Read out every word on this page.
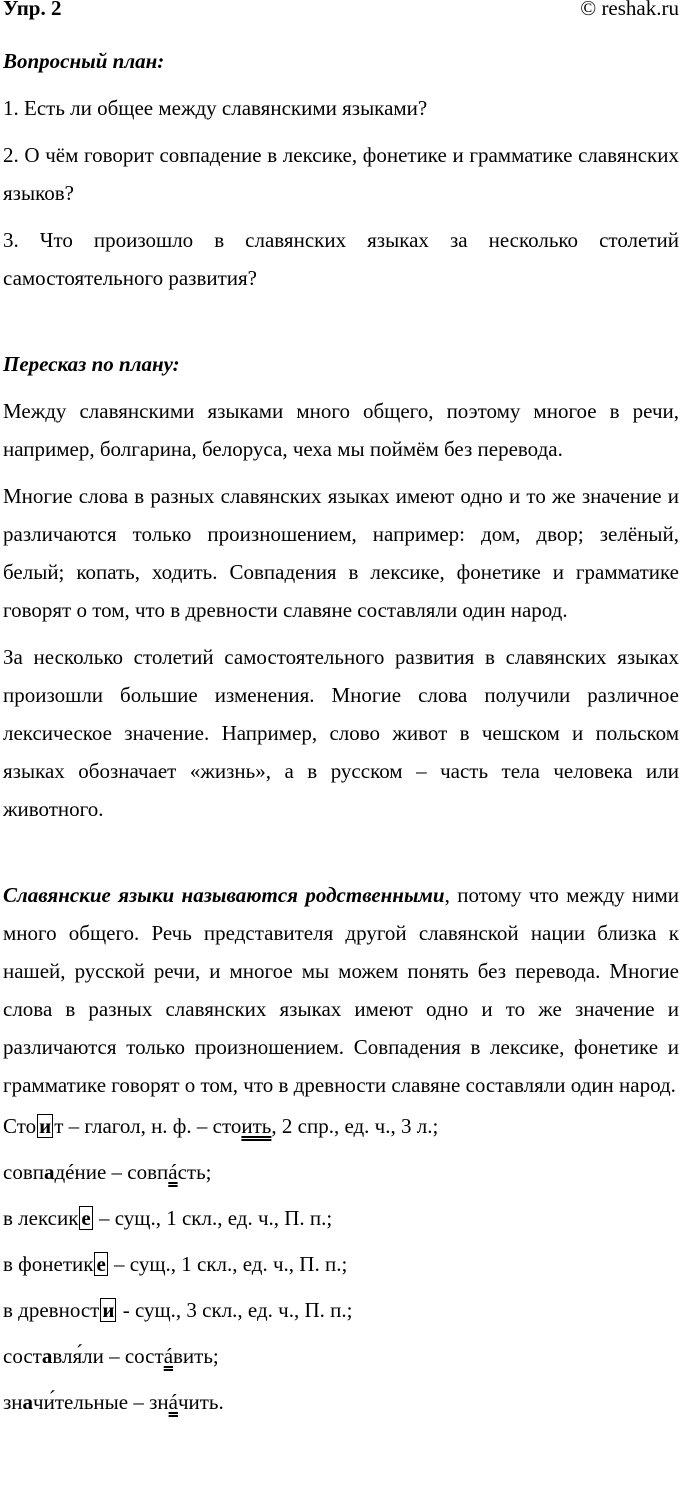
Упр. 2	© reshak.ru
Вопросный план:

1. Есть ли общее между славянскими языками?

2. О чём говорит совпадение в лексике, фонетике и грамматике славянских языков?

3. Что произошло в славянских языках за несколько столетий самостоятельного развития?

Пересказ по плану:

Между славянскими языками много общего, поэтому многое в речи, например, болгарина, белоруса, чеха мы поймём без перевода.

Многие слова в разных славянских языках имеют одно и то же значение и различаются только произношением, например: дом, двор; зелёный, белый; копать, ходить. Совпадения в лексике, фонетике и грамматике говорят о том, что в древности славяне составляли один народ.

За несколько столетий самостоятельного развития в славянских языках произошли большие изменения. Многие слова получили различное лексическое значение. Например, слово живот в чешском и польском языках обозначает «жизнь», а в русском – часть тела человека или животного.

Славянские языки называются родственными, потому что между ними много общего. Речь представителя другой славянской нации близка к нашей, русской речи, и многое мы можем понять без перевода. Многие слова в разных славянских языках имеют одно и то же значение и различаются только произношением. Совпадения в лексике, фонетике и грамматике говорят о том, что в древности славяне составляли один народ.

Сто и т – глагол, н. ф. – стоить, 2 спр., ед. ч., 3 л.;

совпадéние – совпáсть;

в лексик е – сущ., 1 скл., ед. ч., П. п.;

в фонетик е – сущ., 1 скл., ед. ч., П. п.;

в древност и - сущ., 3 скл., ед. ч., П. п.;

составля́ли – состáвить;

значи́тельные – знáчить.
